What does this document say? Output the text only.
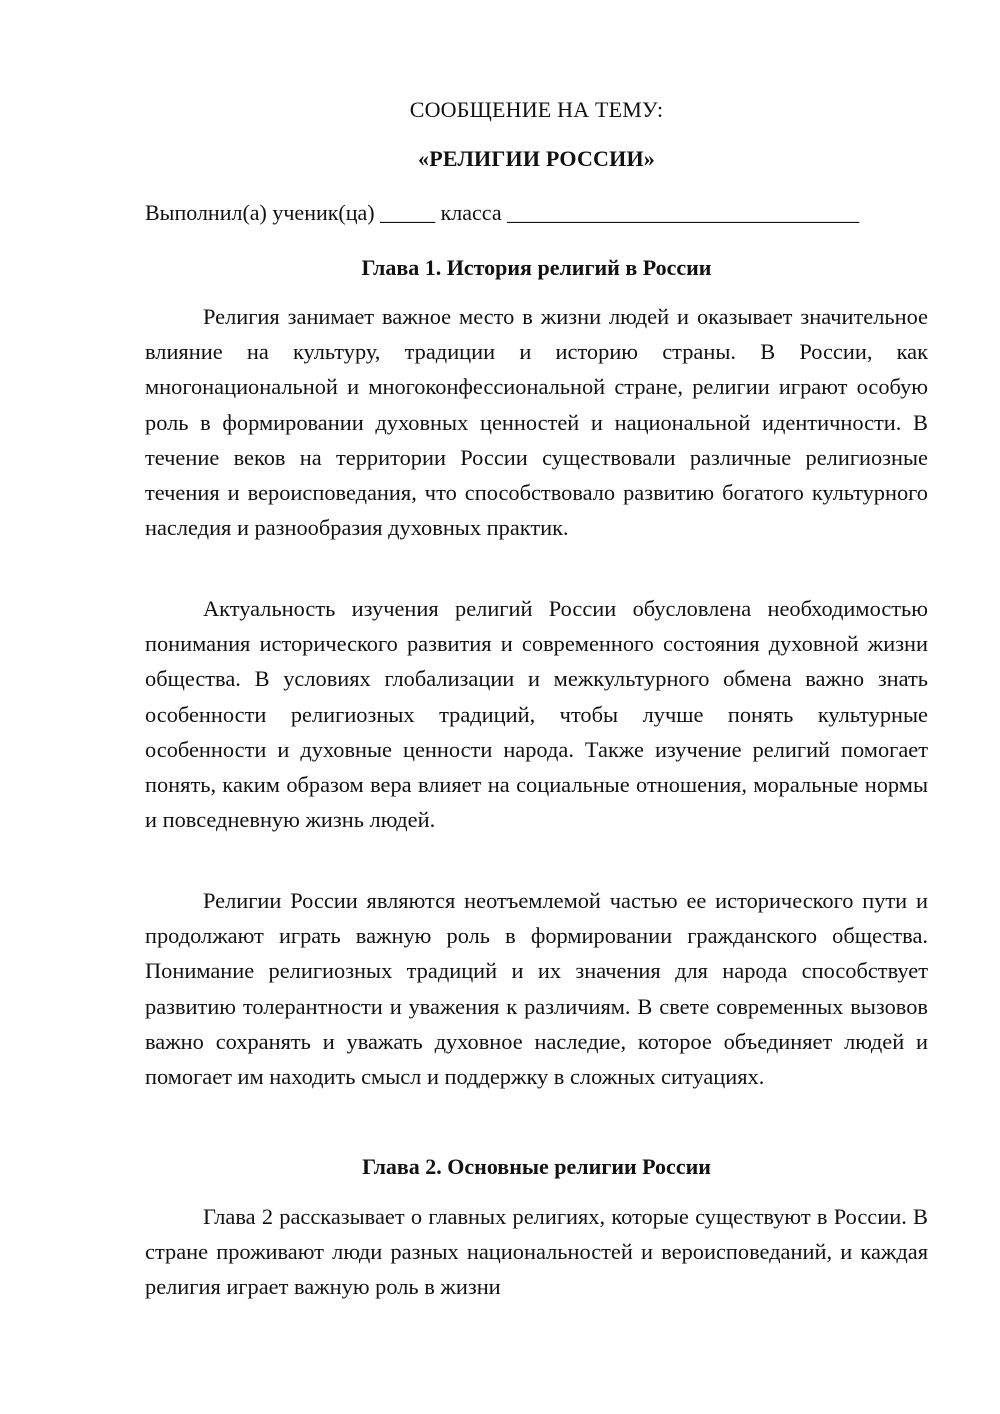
СООБЩЕНИЕ НА ТЕМУ:
«РЕЛИГИИ РОССИИ»
Выполнил(а) ученик(ца) _____ класса ________________________________
Глава 1. История религий в России

Религия занимает важное место в жизни людей и оказывает значительное влияние на культуру, традиции и историю страны. В России, как многонациональной и многоконфессиональной стране, религии играют особую роль в формировании духовных ценностей и национальной идентичности. В течение веков на территории России существовали различные религиозные течения и вероисповедания, что способствовало развитию богатого культурного наследия и разнообразия духовных практик.

Актуальность изучения религий России обусловлена необходимостью понимания исторического развития и современного состояния духовной жизни общества. В условиях глобализации и межкультурного обмена важно знать особенности религиозных традиций, чтобы лучше понять культурные особенности и духовные ценности народа. Также изучение религий помогает понять, каким образом вера влияет на социальные отношения, моральные нормы и повседневную жизнь людей.

Религии России являются неотъемлемой частью ее исторического пути и продолжают играть важную роль в формировании гражданского общества. Понимание религиозных традиций и их значения для народа способствует развитию толерантности и уважения к различиям. В свете современных вызовов важно сохранять и уважать духовное наследие, которое объединяет людей и помогает им находить смысл и поддержку в сложных ситуациях.

Глава 2. Основные религии России

Глава 2 рассказывает о главных религиях, которые существуют в России. В стране проживают люди разных национальностей и вероисповеданий, и каждая религия играет важную роль в жизни
